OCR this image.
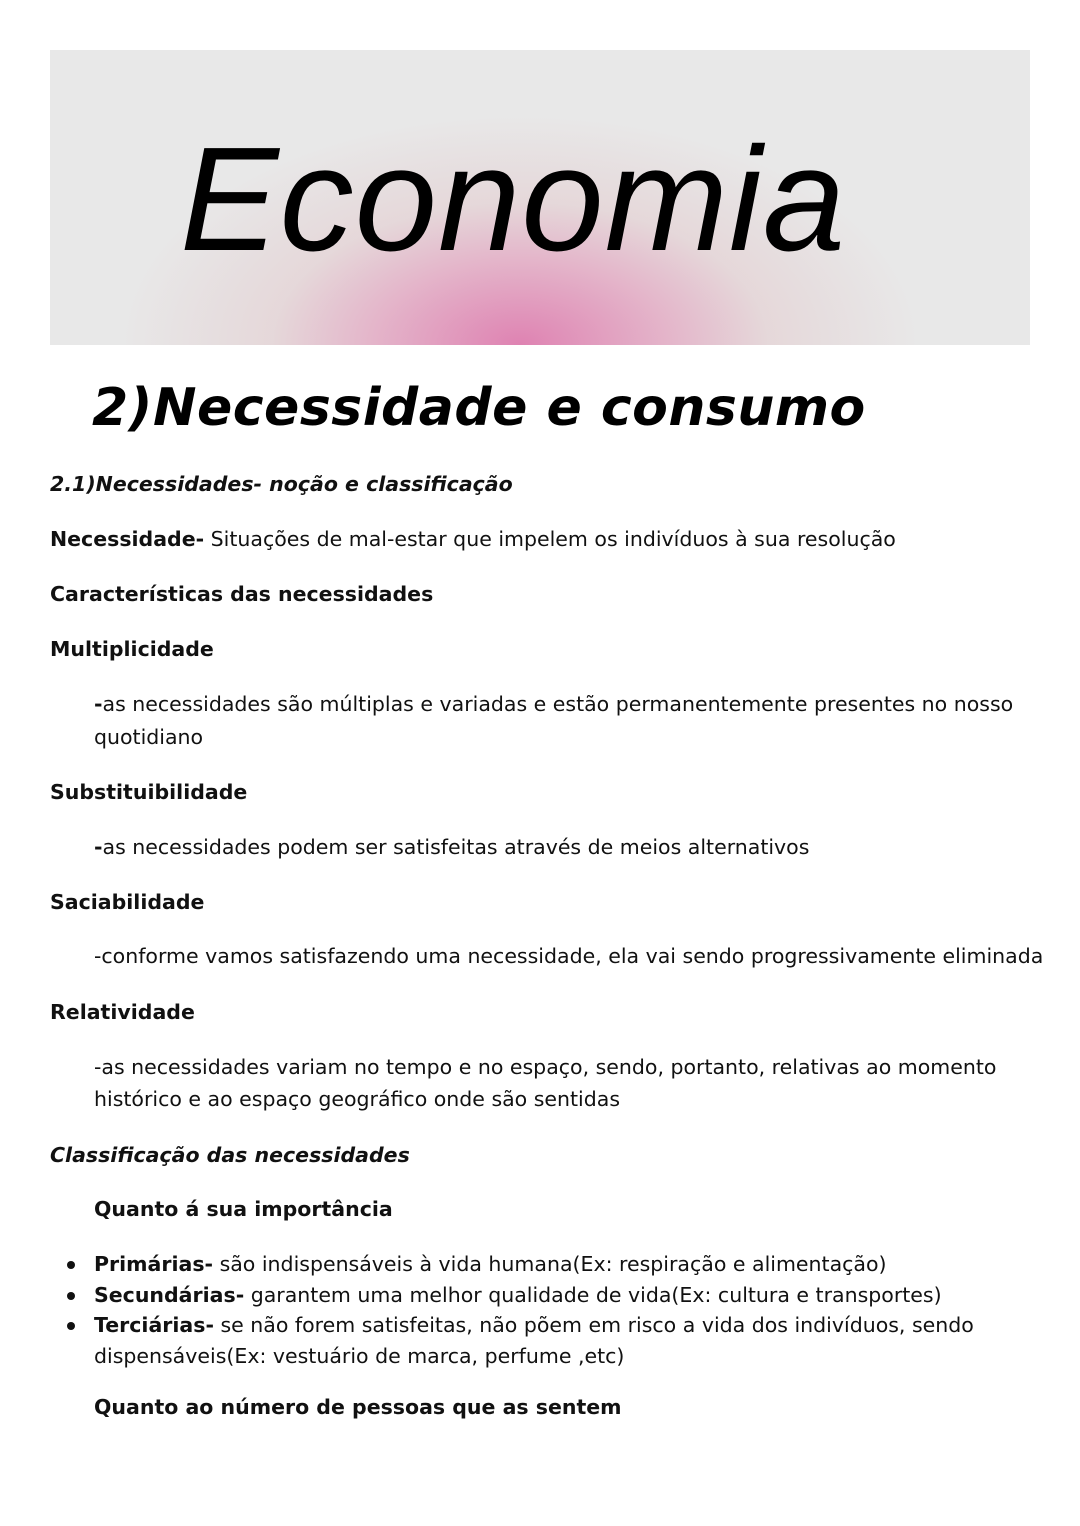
Economia
2)Necessidade e consumo
2.1)Necessidades- noção e classificação
Necessidade- Situações de mal-estar que impelem os indivíduos à sua resolução
Características das necessidades
Multiplicidade
-as necessidades são múltiplas e variadas e estão permanentemente presentes no nosso
quotidiano
Substituibilidade
-as necessidades podem ser satisfeitas através de meios alternativos
Saciabilidade
-conforme vamos satisfazendo uma necessidade, ela vai sendo progressivamente eliminada
Relatividade
-as necessidades variam no tempo e no espaço, sendo, portanto, relativas ao momento
histórico e ao espaço geográfico onde são sentidas
Classificação das necessidades
Quanto á sua importância
Primárias- são indispensáveis à vida humana(Ex: respiração e alimentação)
Secundárias- garantem uma melhor qualidade de vida(Ex: cultura e transportes)
Terciárias- se não forem satisfeitas, não põem em risco a vida dos indivíduos, sendo
dispensáveis(Ex: vestuário de marca, perfume ,etc)
Quanto ao número de pessoas que as sentem
